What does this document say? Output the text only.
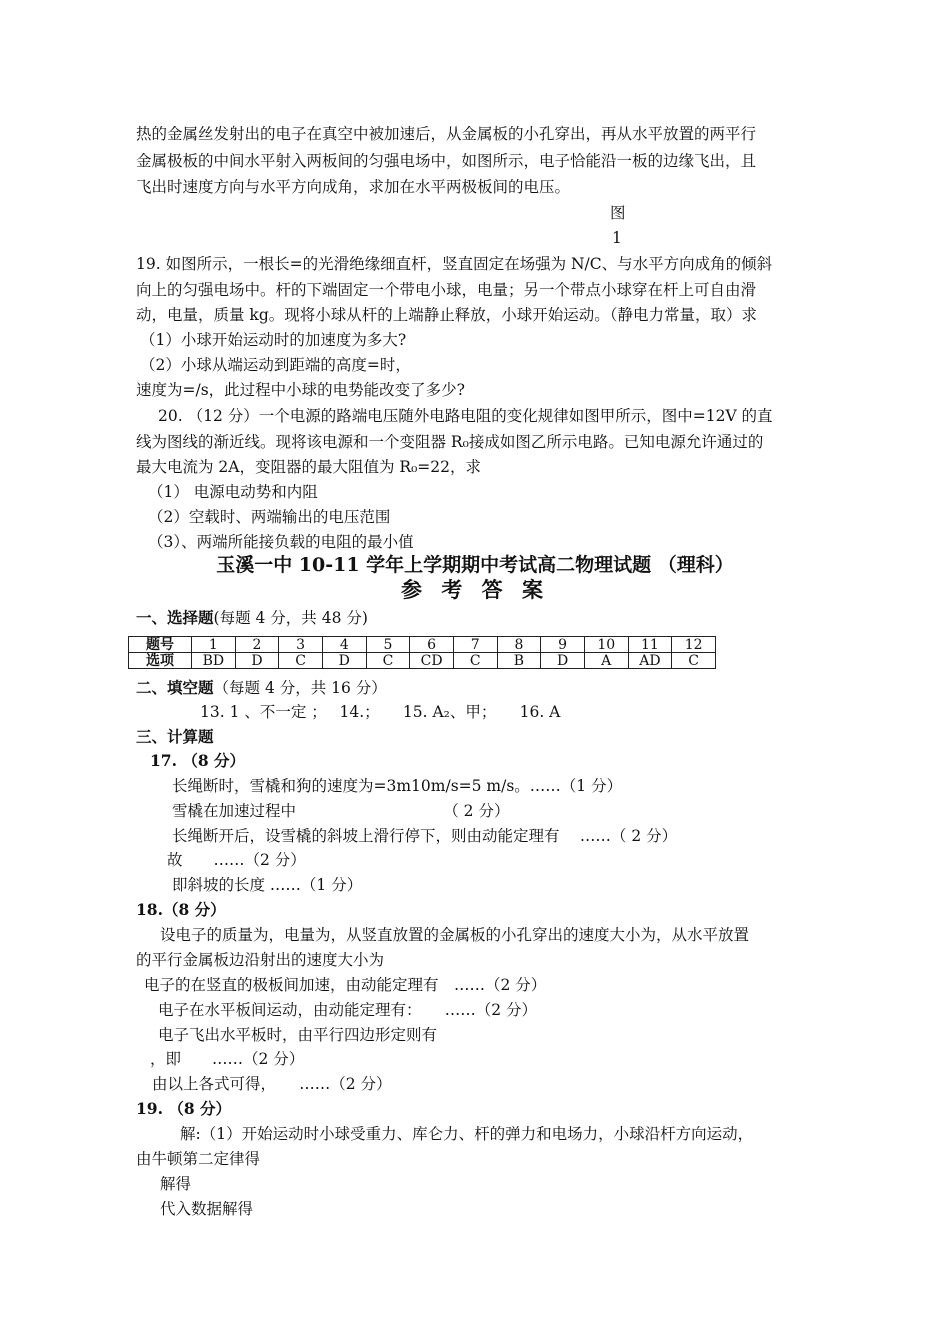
热的金属丝发射出的电子在真空中被加速后，从金属板的小孔穿出，再从水平放置的两平行
金属极板的中间水平射入两板间的匀强电场中，如图所示，电子恰能沿一板的边缘飞出，且
飞出时速度方向与水平方向成角，求加在水平两极板间的电压。
图
1
19. 如图所示，一根长=的光滑绝缘细直杆，竖直固定在场强为 N/C、与水平方向成角的倾斜
向上的匀强电场中。杆的下端固定一个带电小球，电量；另一个带点小球穿在杆上可自由滑
动，电量，质量 kg。现将小球从杆的上端静止释放，小球开始运动。（静电力常量，取）求
（1）小球开始运动时的加速度为多大?
（2）小球从端运动到距端的高度=时，
速度为=/s，此过程中小球的电势能改变了多少?
20. （12 分）一个电源的路端电压随外电路电阻的变化规律如图甲所示，图中=12V 的直
线为图线的渐近线。现将该电源和一个变阻器 R₀接成如图乙所示电路。已知电源允许通过的
最大电流为 2A，变阻器的最大阻值为 R₀=22，求
（1） 电源电动势和内阻
（2）空载时、两端输出的电压范围
（3）、两端所能接负载的电阻的最小值
玉溪一中 10-11 学年上学期期中考试高二物理试题 （理科）
参 考 答 案
一、选择题(每题 4 分，共 48 分)
题号	1	2	3	4	5	6	7	8	9	10	11	12
选项	BD	D	C	D	C	CD	C	B	D	A	AD	C
二、填空题（每题 4 分，共 16 分）
13. 1 、不一定 ；　 14.；　　15. A₂、甲；　　16. A
三、计算题
17. （8 分）
长绳断时，雪橇和狗的速度为=3m10m/s=5 m/s。……（1 分）
雪橇在加速过程中　　　　　　　　　　（ 2 分）
长绳断开后，设雪橇的斜坡上滑行停下，则由动能定理有　 ……（ 2 分）
故　　……（2 分）
即斜坡的长度 ……（1 分）
18.（8 分）
设电子的质量为，电量为，从竖直放置的金属板的小孔穿出的速度大小为，从水平放置
的平行金属板边沿射出的速度大小为
电子的在竖直的极板间加速，由动能定理有　……（2 分）
电子在水平板间运动，由动能定理有：　　……（2 分）
电子飞出水平板时，由平行四边形定则有
，即　　……（2 分）
由以上各式可得，　　……（2 分）
19. （8 分）
解:（1）开始运动时小球受重力、库仑力、杆的弹力和电场力，小球沿杆方向运动，
由牛顿第二定律得
解得
代入数据解得
